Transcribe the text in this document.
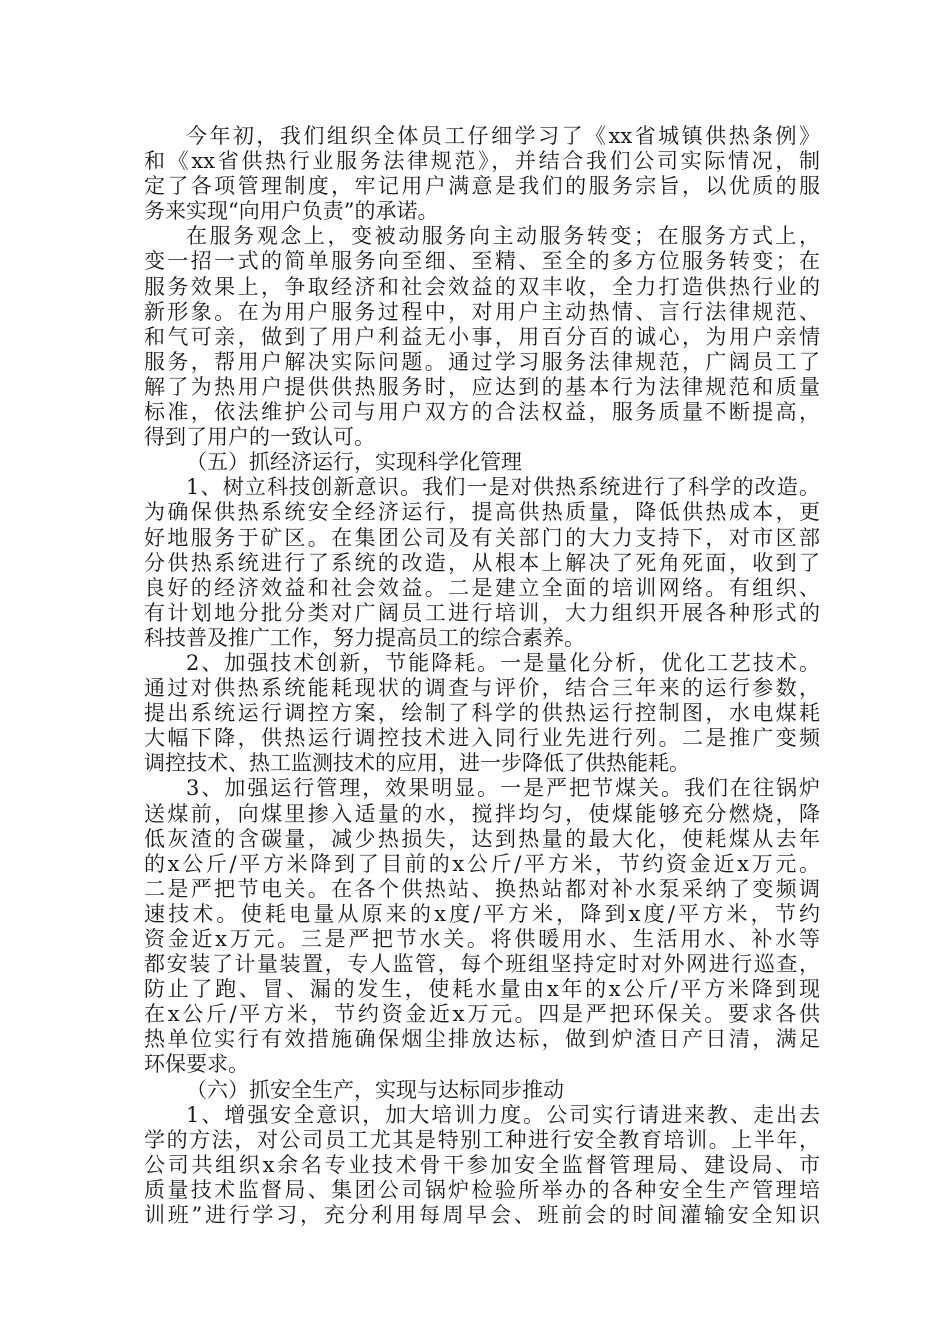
今年初，我们组织全体员工仔细学习了《xx省城镇供热条例》
和《xx省供热行业服务法律规范》，并结合我们公司实际情况，制
定了各项管理制度，牢记用户满意是我们的服务宗旨，以优质的服
务来实现“向用户负责”的承诺。
在服务观念上，变被动服务向主动服务转变；在服务方式上，
变一招一式的简单服务向至细、至精、至全的多方位服务转变；在
服务效果上，争取经济和社会效益的双丰收，全力打造供热行业的
新形象。在为用户服务过程中，对用户主动热情、言行法律规范、
和气可亲，做到了用户利益无小事，用百分百的诚心，为用户亲情
服务，帮用户解决实际问题。通过学习服务法律规范，广阔员工了
解了为热用户提供供热服务时，应达到的基本行为法律规范和质量
标准，依法维护公司与用户双方的合法权益，服务质量不断提高，
得到了用户的一致认可。
（五）抓经济运行，实现科学化管理
1、树立科技创新意识。我们一是对供热系统进行了科学的改造。
为确保供热系统安全经济运行，提高供热质量，降低供热成本，更
好地服务于矿区。在集团公司及有关部门的大力支持下，对市区部
分供热系统进行了系统的改造，从根本上解决了死角死面，收到了
良好的经济效益和社会效益。二是建立全面的培训网络。有组织、
有计划地分批分类对广阔员工进行培训，大力组织开展各种形式的
科技普及推广工作，努力提高员工的综合素养。
2、加强技术创新，节能降耗。一是量化分析，优化工艺技术。
通过对供热系统能耗现状的调查与评价，结合三年来的运行参数，
提出系统运行调控方案，绘制了科学的供热运行控制图，水电煤耗
大幅下降，供热运行调控技术进入同行业先进行列。二是推广变频
调控技术、热工监测技术的应用，进一步降低了供热能耗。
3、加强运行管理，效果明显。一是严把节煤关。我们在往锅炉
送煤前，向煤里掺入适量的水，搅拌均匀，使煤能够充分燃烧，降
低灰渣的含碳量，减少热损失，达到热量的最大化，使耗煤从去年
的x公斤/平方米降到了目前的x公斤/平方米，节约资金近x万元。
二是严把节电关。在各个供热站、换热站都对补水泵采纳了变频调
速技术。使耗电量从原来的x度/平方米，降到x度/平方米，节约
资金近x万元。三是严把节水关。将供暖用水、生活用水、补水等
都安装了计量装置，专人监管，每个班组坚持定时对外网进行巡查，
防止了跑、冒、漏的发生，使耗水量由x年的x公斤/平方米降到现
在x公斤/平方米，节约资金近x万元。四是严把环保关。要求各供
热单位实行有效措施确保烟尘排放达标，做到炉渣日产日清，满足
环保要求。
（六）抓安全生产，实现与达标同步推动
1、增强安全意识，加大培训力度。公司实行请进来教、走出去
学的方法，对公司员工尤其是特别工种进行安全教育培训。上半年，
公司共组织x余名专业技术骨干参加安全监督管理局、建设局、市
质量技术监督局、集团公司锅炉检验所举办的各种安全生产管理培
训班”进行学习，充分利用每周早会、班前会的时间灌输安全知识
